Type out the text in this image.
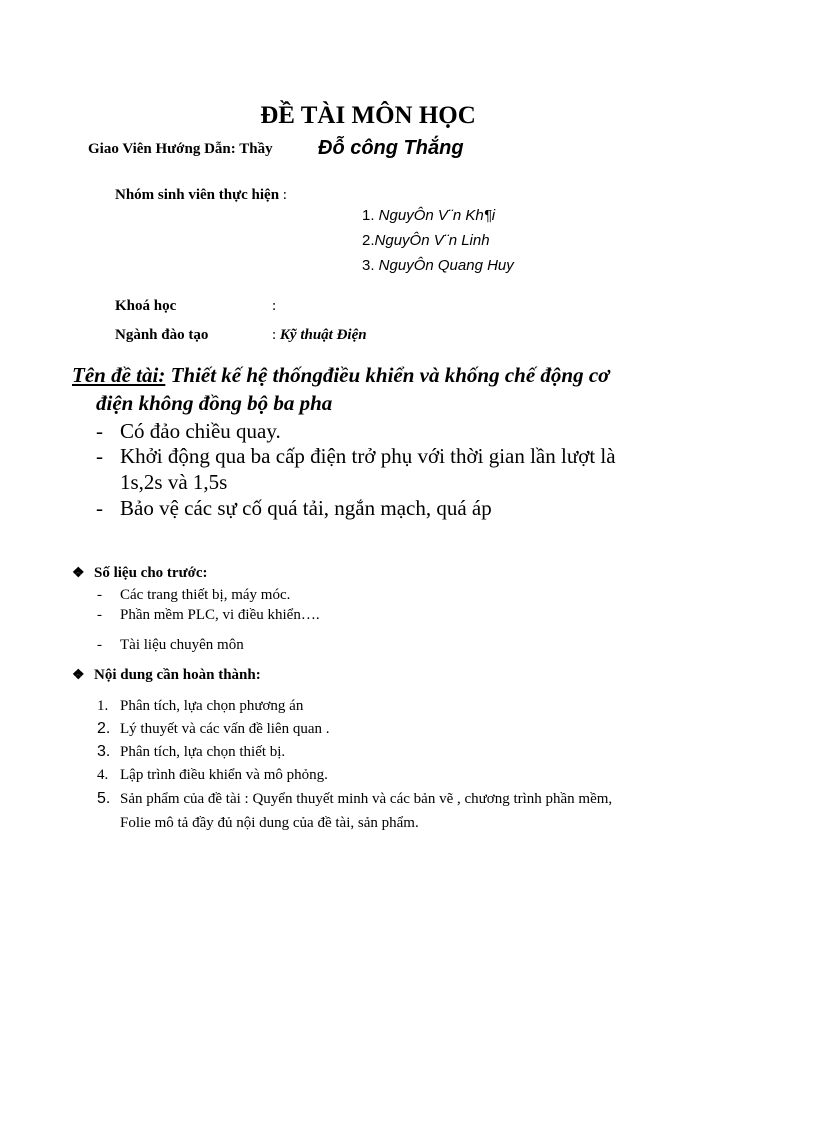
ĐỀ TÀI MÔN HỌC
Giao Viên Hướng Dẫn: Thầy Đỗ công Thắng
Nhóm sinh viên thực hiện :
1. NguyÔn V¨n Kh¶i
2.NguyÔn V¨n Linh
3. NguyÔn Quang Huy
Khoá học	:
Ngành đào tạo	: Kỹ thuật Điện
Tên đề tài: Thiết kế hệ thốngđiều khiển và khống chế động cơ
điện không đồng bộ ba pha
- Có đảo chiều quay.
- Khởi động qua ba cấp điện trở phụ với thời gian lần lượt là
1s,2s và 1,5s
- Bảo vệ các sự cố quá tải, ngắn mạch, quá áp
❖ Số liệu cho trước:
- Các trang thiết bị, máy móc.
- Phần mềm PLC, vi điều khiển….
- Tài liệu chuyên môn
❖ Nội dung cần hoàn thành:
1. Phân tích, lựa chọn phương án
2. Lý thuyết và các vấn đề liên quan .
3. Phân tích, lựa chọn thiết bị.
4. Lập trình điều khiển và mô phỏng.
5. Sản phẩm của đề tài : Quyển thuyết minh và các bản vẽ , chương trình phần mềm,
Folie mô tả đầy đủ nội dung của đề tài, sản phẩm.
